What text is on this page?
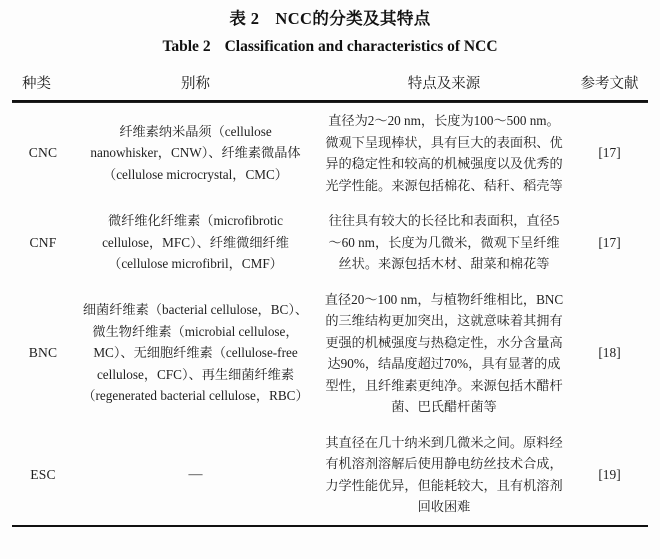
表 2 NCC的分类及其特点
Table 2 Classification and characteristics of NCC

种类	别称	特点及来源	参考文献

CNC	纤维素纳米晶须（cellulose nanowhisker，CNW）、纤维素微晶体（cellulose microcrystal，CMC）	直径为2～20 nm，长度为100～500 nm。微观下呈现棒状，具有巨大的表面积、优异的稳定性和较高的机械强度以及优秀的光学性能。来源包括棉花、秸秆、稻壳等	[17]
CNF	微纤维化纤维素（microfibrotic cellulose，MFC）、纤维微细纤维（cellulose microfibril，CMF）	往往具有较大的长径比和表面积，直径5～60 nm，长度为几微米，微观下呈纤维丝状。来源包括木材、甜菜和棉花等	[17]
BNC	细菌纤维素（bacterial cellulose，BC）、微生物纤维素（microbial cellulose，MC）、无细胞纤维素（cellulose-free cellulose，CFC）、再生细菌纤维素（regenerated bacterial cellulose，RBC）	直径20～100 nm，与植物纤维相比，BNC的三维结构更加突出，这就意味着其拥有更强的机械强度与热稳定性，水分含量高达90%，结晶度超过70%，具有显著的成型性，且纤维素更纯净。来源包括木醋杆菌、巴氏醋杆菌等	[18]
ESC	—	其直径在几十纳米到几微米之间。原料经有机溶剂溶解后使用静电纺丝技术合成，力学性能优异，但能耗较大，且有机溶剂回收困难	[19]
